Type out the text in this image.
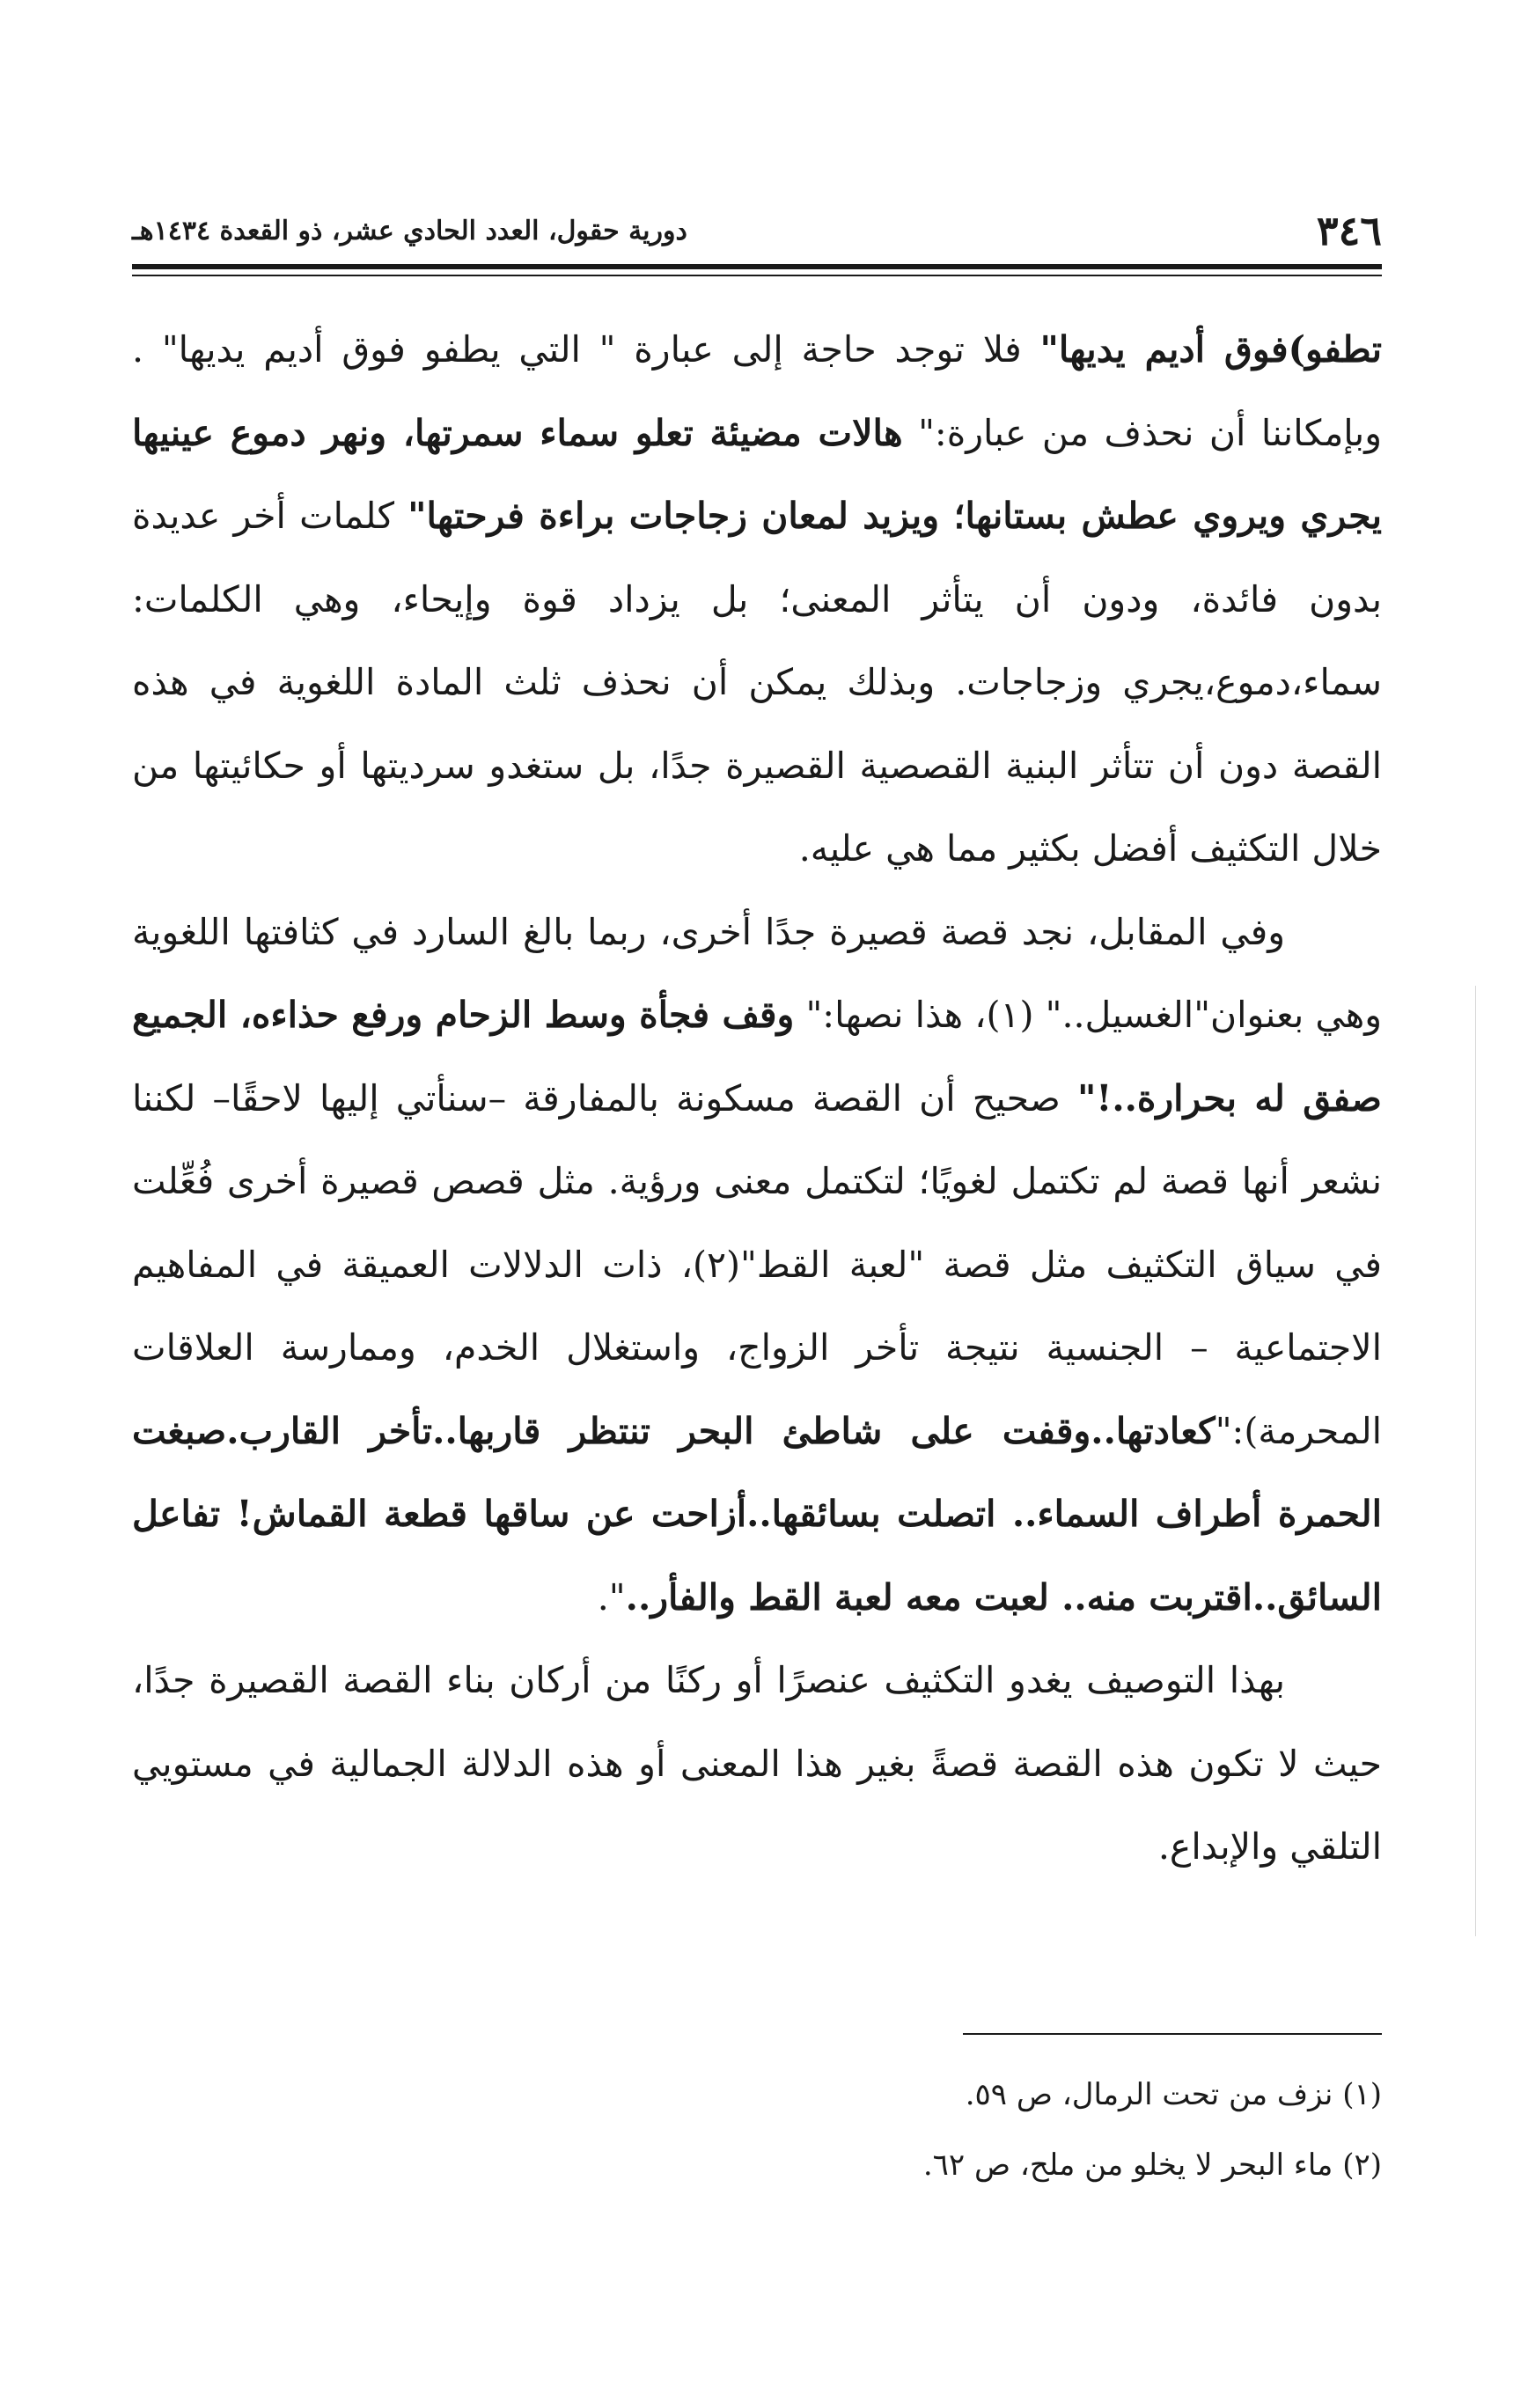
٣٤٦
دورية حقول، العدد الحادي عشر، ذو القعدة ١٤٣٤هـ

تطفو)فوق أديم يديها" فلا توجد حاجة إلى عبارة " التي يطفو فوق أديم يديها" . وبإمكاننا أن نحذف من عبارة:" هالات مضيئة تعلو سماء سمرتها، ونهر دموع عينيها يجري ويروي عطش بستانها؛ ويزيد لمعان زجاجات براءة فرحتها" كلمات أخر عديدة بدون فائدة، ودون أن يتأثر المعنى؛ بل يزداد قوة وإيحاء، وهي الكلمات: سماء،دموع،يجري وزجاجات. وبذلك يمكن أن نحذف ثلث المادة اللغوية في هذه القصة دون أن تتأثر البنية القصصية القصيرة جدًا، بل ستغدو سرديتها أو حكائيتها من خلال التكثيف أفضل بكثير مما هي عليه.

وفي المقابل، نجد قصة قصيرة جدًا أخرى، ربما بالغ السارد في كثافتها اللغوية وهي بعنوان"الغسيل.." (١)، هذا نصها:" وقف فجأة وسط الزحام ورفع حذاءه، الجميع صفق له بحرارة..!" صحيح أن القصة مسكونة بالمفارقة –سنأتي إليها لاحقًا– لكننا نشعر أنها قصة لم تكتمل لغويًا؛ لتكتمل معنى ورؤية. مثل قصص قصيرة أخرى فُعِّلت في سياق التكثيف مثل قصة "لعبة القط"(٢)، ذات الدلالات العميقة في المفاهيم الاجتماعية – الجنسية نتيجة تأخر الزواج، واستغلال الخدم، وممارسة العلاقات المحرمة):"كعادتها..وقفت على شاطئ البحر تنتظر قاربها..تأخر القارب.صبغت الحمرة أطراف السماء.. اتصلت بسائقها..أزاحت عن ساقها قطعة القماش! تفاعل السائق..اقتربت منه.. لعبت معه لعبة القط والفأر..".

بهذا التوصيف يغدو التكثيف عنصرًا أو ركنًا من أركان بناء القصة القصيرة جدًا، حيث لا تكون هذه القصة قصةً بغير هذا المعنى أو هذه الدلالة الجمالية في مستويي التلقي والإبداع.

(١) نزف من تحت الرمال، ص ٥٩.

(٢) ماء البحر لا يخلو من ملح، ص ٦٢.
